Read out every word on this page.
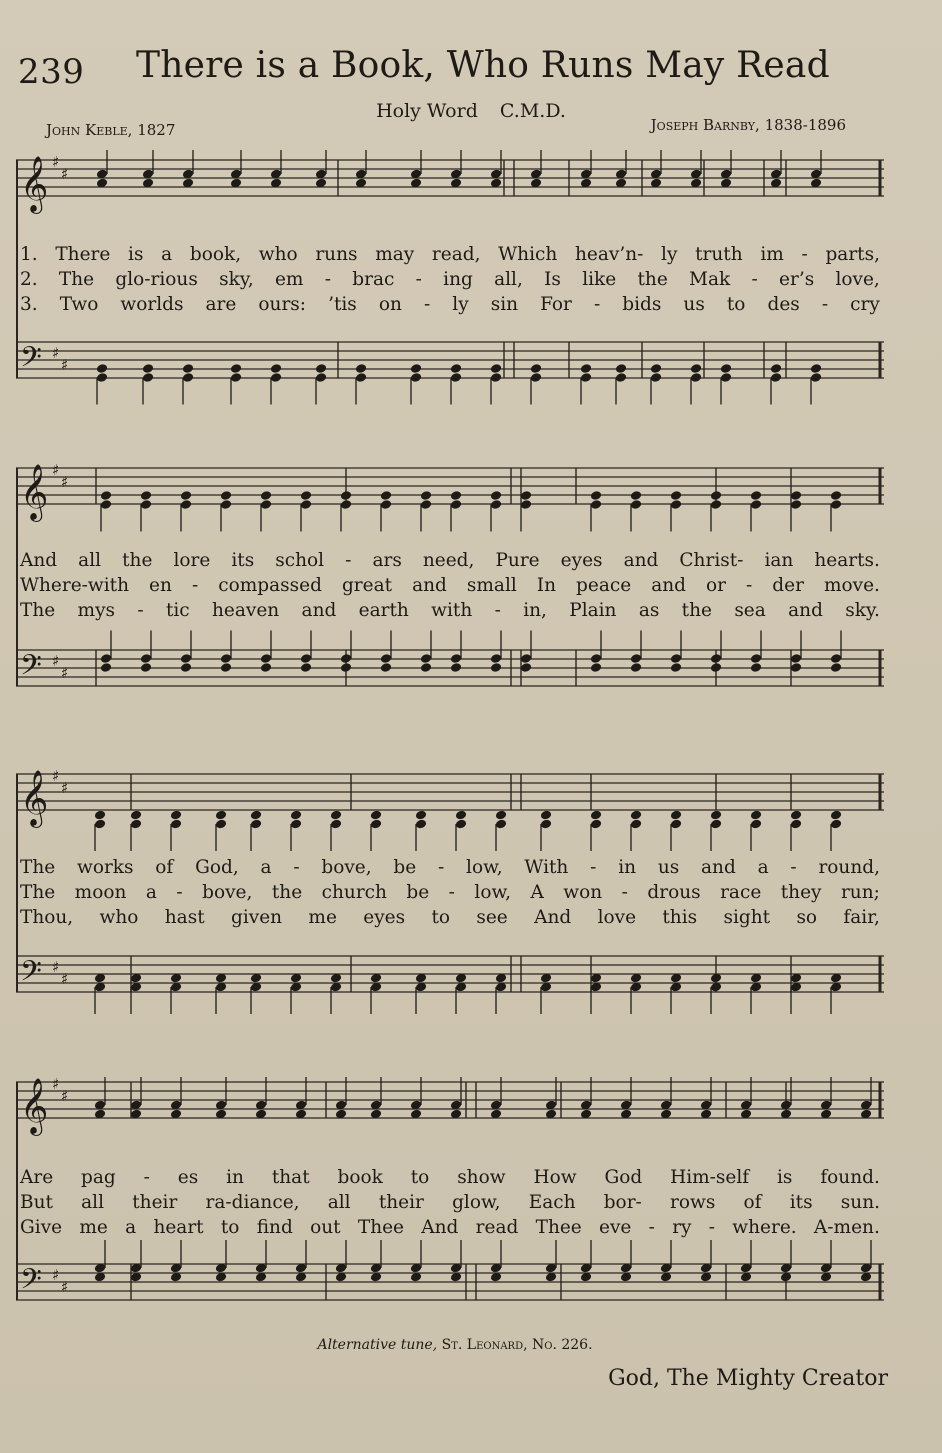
239 There is a Book, Who Runs May Read
Holy Word C.M.D.
John Keble, 1827	Joseph Barnby, 1838-1896
𝄞 ♯
♯
𝄢 ♯
♯
1. There is a book, who runs may read, Which heav’n- ly truth im - parts,
2. The glo-rious sky, em - brac - ing all, Is like the Mak - er’s love,
3. Two worlds are ours: ’tis on - ly sin For - bids us to des - cry
𝄞 ♯
♯
𝄢 ♯
♯
And all the lore its schol - ars need, Pure eyes and Christ- ian hearts.
Where-with en - compassed great and small In peace and or - der move.
The mys - tic heaven and earth with - in, Plain as the sea and sky.
𝄞 ♯
♯
𝄢 ♯
♯
The works of God, a - bove, be - low, With - in us and a - round,
The moon a - bove, the church be - low, A won - drous race they run;
Thou, who hast given me eyes to see And love this sight so fair,
𝄞 ♯
♯
𝄢 ♯
♯
Are pag - es in that book to show How God Him-self is found.
But all their ra-diance, all their glow, Each bor- rows of its sun.
Give me a heart to find out Thee And read Thee eve - ry - where. A-men.
Alternative tune, St. Leonard, No. 226.
God, The Mighty Creator
